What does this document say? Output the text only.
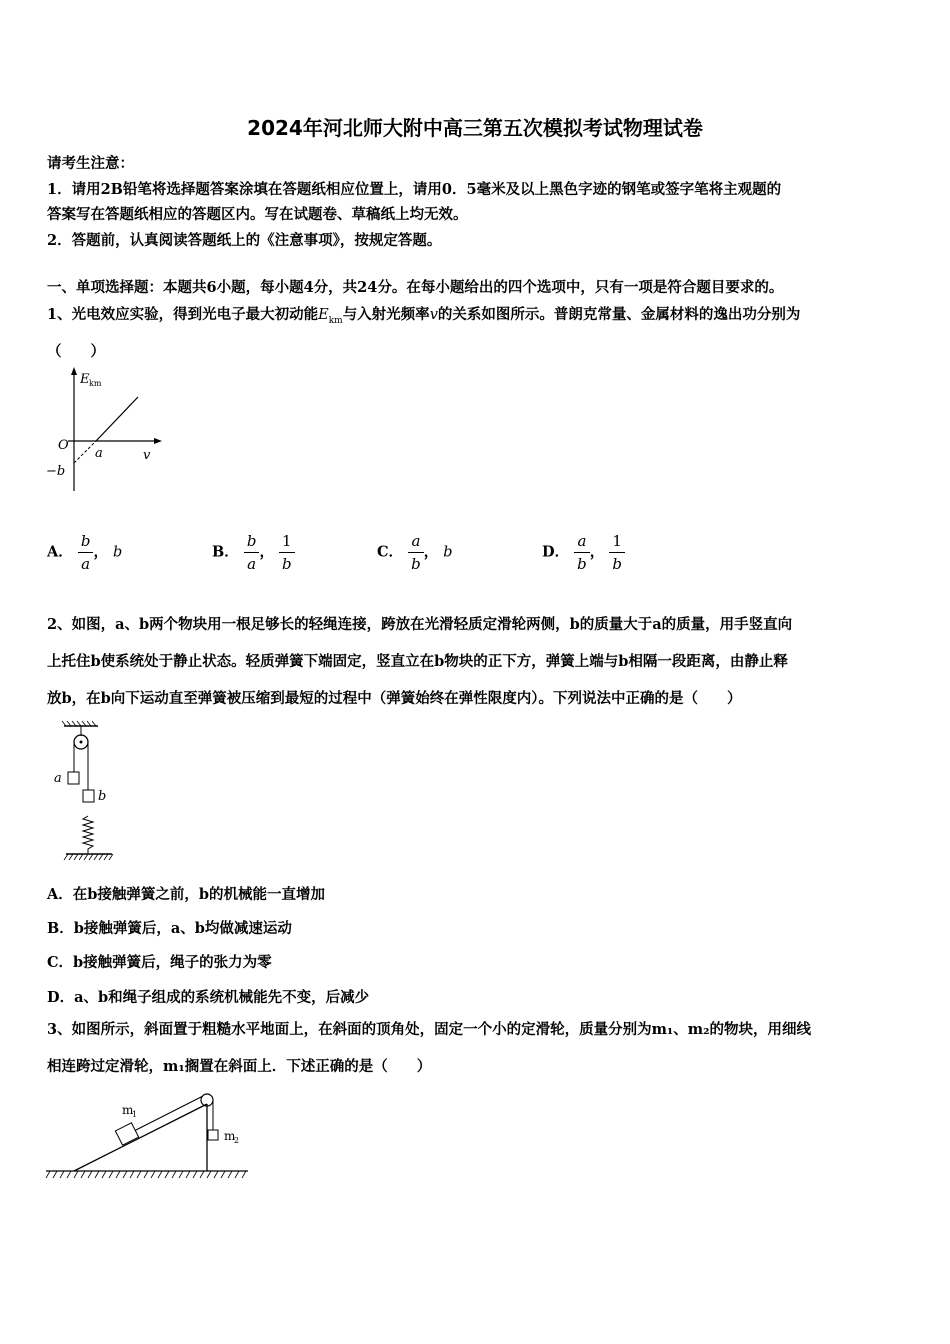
2024年河北师大附中高三第五次模拟考试物理试卷
请考生注意：
1．请用2B铅笔将选择题答案涂填在答题纸相应位置上，请用0．5毫米及以上黑色字迹的钢笔或签字笔将主观题的
答案写在答题纸相应的答题区内。写在试题卷、草稿纸上均无效。
2．答题前，认真阅读答题纸上的《注意事项》，按规定答题。
一、单项选择题：本题共6小题，每小题4分，共24分。在每小题给出的四个选项中，只有一项是符合题目要求的。
1、光电效应实验，得到光电子最大初动能$E_{km}$与入射光频率v的关系如图所示。普朗克常量、金属材料的逸出功分别为
（　　）
E km
O
a	v
−b
A． $\frac{b}{a}$ ， b	B． $\frac{b}{a}$ ， $\frac{1}{b}$	C． $\frac{a}{b}$ ， b	D． $\frac{a}{b}$ ， $\frac{1}{b}$

2、如图，a、b两个物块用一根足够长的轻绳连接，跨放在光滑轻质定滑轮两侧，b的质量大于a的质量，用手竖直向

上托住b使系统处于静止状态。轻质弹簧下端固定，竖直立在b物块的正下方，弹簧上端与b相隔一段距离，由静止释

放b，在b向下运动直至弹簧被压缩到最短的过程中（弹簧始终在弹性限度内）。下列说法中正确的是（　　）

a
b
A．在b接触弹簧之前，b的机械能一直增加
B．b接触弹簧后，a、b均做减速运动
C．b接触弹簧后，绳子的张力为零
D．a、b和绳子组成的系统机械能先不变，后减少

3、如图所示，斜面置于粗糙水平地面上，在斜面的顶角处，固定一个小的定滑轮，质量分别为m₁、m₂的物块，用细线

相连跨过定滑轮，m₁搁置在斜面上．下述正确的是（　　）

m
1
m
2
